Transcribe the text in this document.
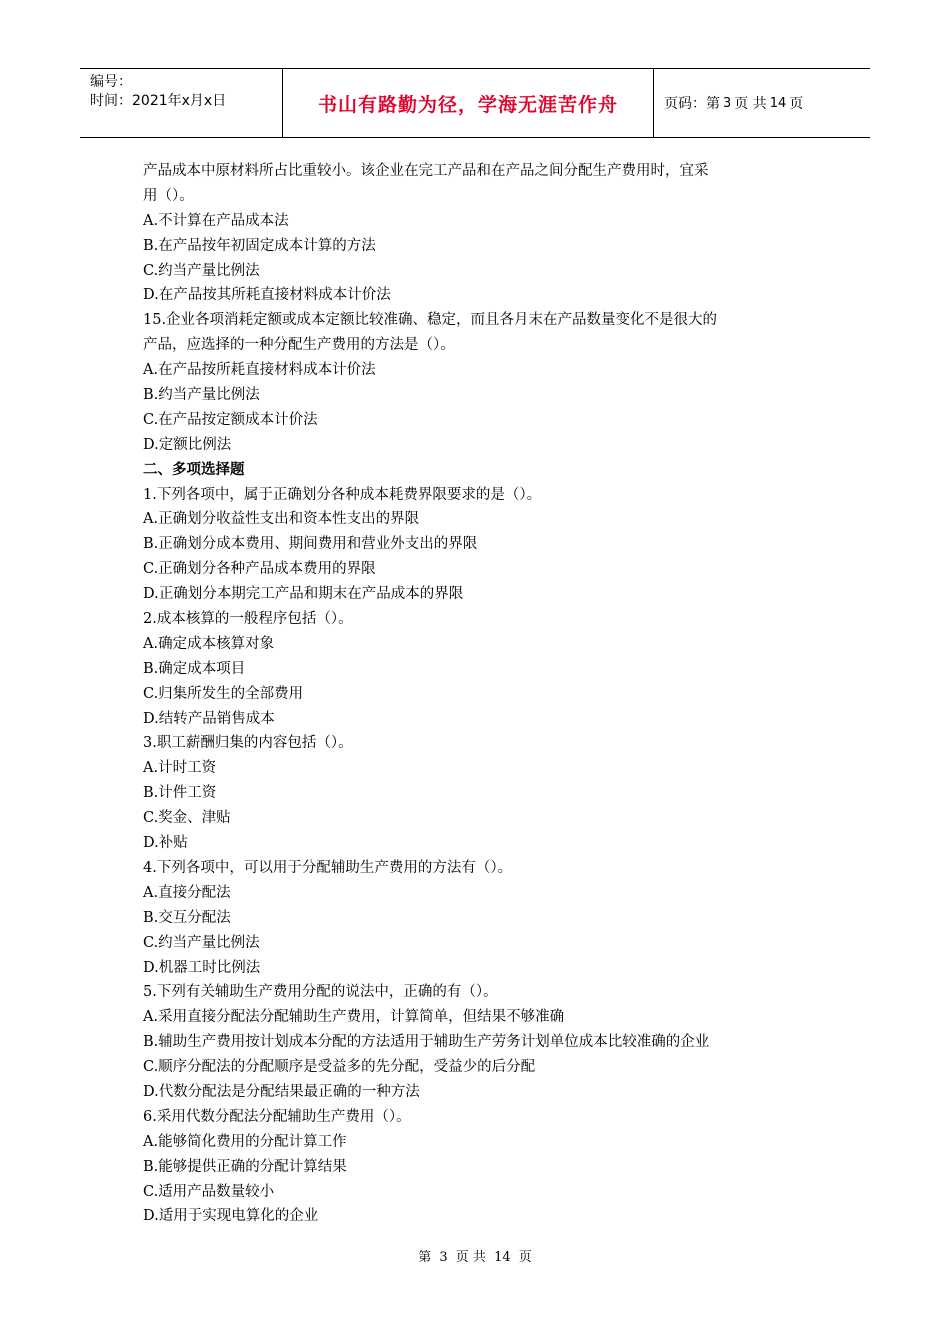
编号：
时间：2021年x月x日	书山有路勤为径，学海无涯苦作舟	页码：第 3 页 共 14 页
产品成本中原材料所占比重较小。该企业在完工产品和在产品之间分配生产费用时，宜采
用（）。
A.不计算在产品成本法
B.在产品按年初固定成本计算的方法
C.约当产量比例法
D.在产品按其所耗直接材料成本计价法
15.企业各项消耗定额或成本定额比较准确、稳定，而且各月末在产品数量变化不是很大的
产品，应选择的一种分配生产费用的方法是（）。
A.在产品按所耗直接材料成本计价法
B.约当产量比例法
C.在产品按定额成本计价法
D.定额比例法
二、多项选择题
1.下列各项中，属于正确划分各种成本耗费界限要求的是（）。
A.正确划分收益性支出和资本性支出的界限
B.正确划分成本费用、期间费用和营业外支出的界限
C.正确划分各种产品成本费用的界限
D.正确划分本期完工产品和期末在产品成本的界限
2.成本核算的一般程序包括（）。
A.确定成本核算对象
B.确定成本项目
C.归集所发生的全部费用
D.结转产品销售成本
3.职工薪酬归集的内容包括（）。
A.计时工资
B.计件工资
C.奖金、津贴
D.补贴
4.下列各项中，可以用于分配辅助生产费用的方法有（）。
A.直接分配法
B.交互分配法
C.约当产量比例法
D.机器工时比例法
5.下列有关辅助生产费用分配的说法中，正确的有（）。
A.采用直接分配法分配辅助生产费用，计算简单，但结果不够准确
B.辅助生产费用按计划成本分配的方法适用于辅助生产劳务计划单位成本比较准确的企业
C.顺序分配法的分配顺序是受益多的先分配，受益少的后分配
D.代数分配法是分配结果最正确的一种方法
6.采用代数分配法分配辅助生产费用（）。
A.能够简化费用的分配计算工作
B.能够提供正确的分配计算结果
C.适用产品数量较小
D.适用于实现电算化的企业
第 3 页 共 14 页
